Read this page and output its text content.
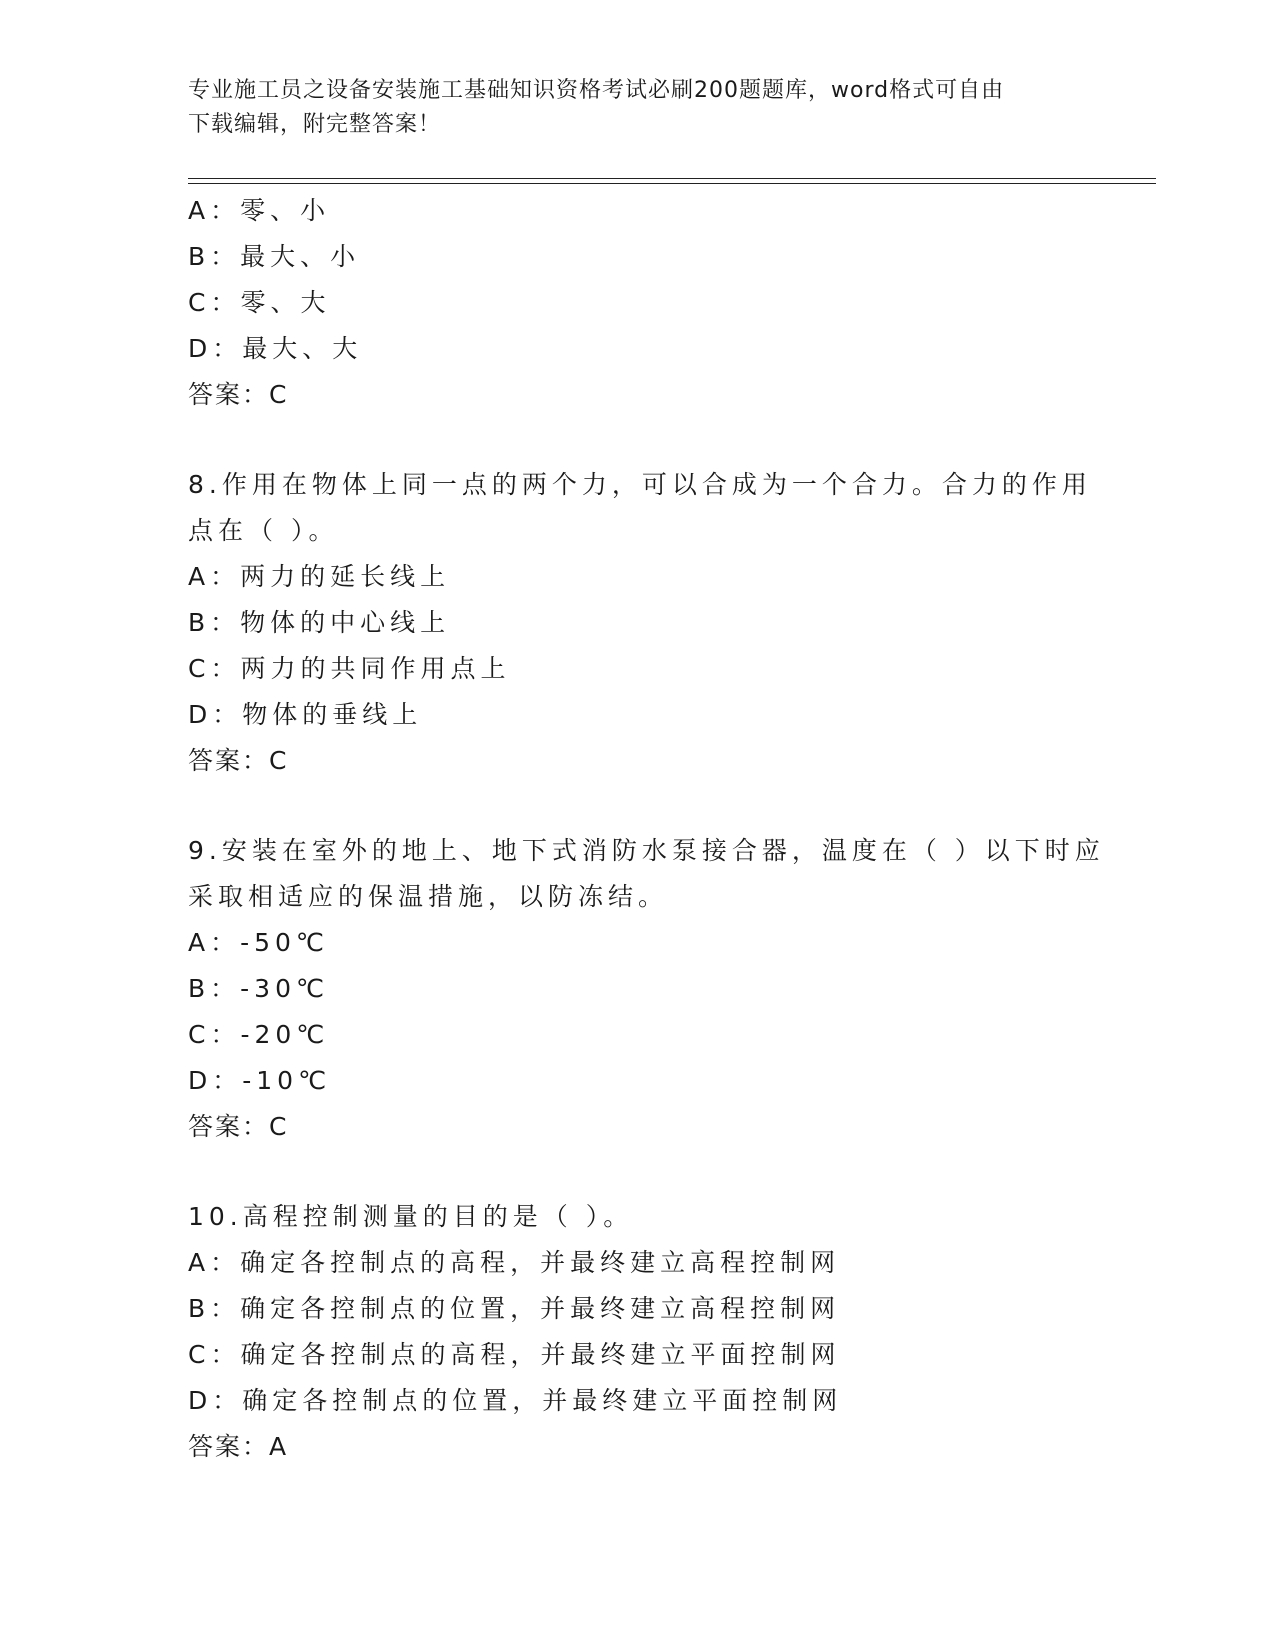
专业施工员之设备安装施工基础知识资格考试必刷200题题库，word格式可自由
下载编辑，附完整答案！
A：零、小
B：最大、小
C：零、大
D：最大、大
答案：C
8.作用在物体上同一点的两个力，可以合成为一个合力。合力的作用
点在（ ）。
A：两力的延长线上
B：物体的中心线上
C：两力的共同作用点上
D：物体的垂线上
答案：C
9.安装在室外的地上、地下式消防水泵接合器，温度在（ ）以下时应
采取相适应的保温措施，以防冻结。
A：-50℃
B：-30℃
C：-20℃
D：-10℃
答案：C
10.高程控制测量的目的是（ ）。
A：确定各控制点的高程，并最终建立高程控制网
B：确定各控制点的位置，并最终建立高程控制网
C：确定各控制点的高程，并最终建立平面控制网
D：确定各控制点的位置，并最终建立平面控制网
答案：A
